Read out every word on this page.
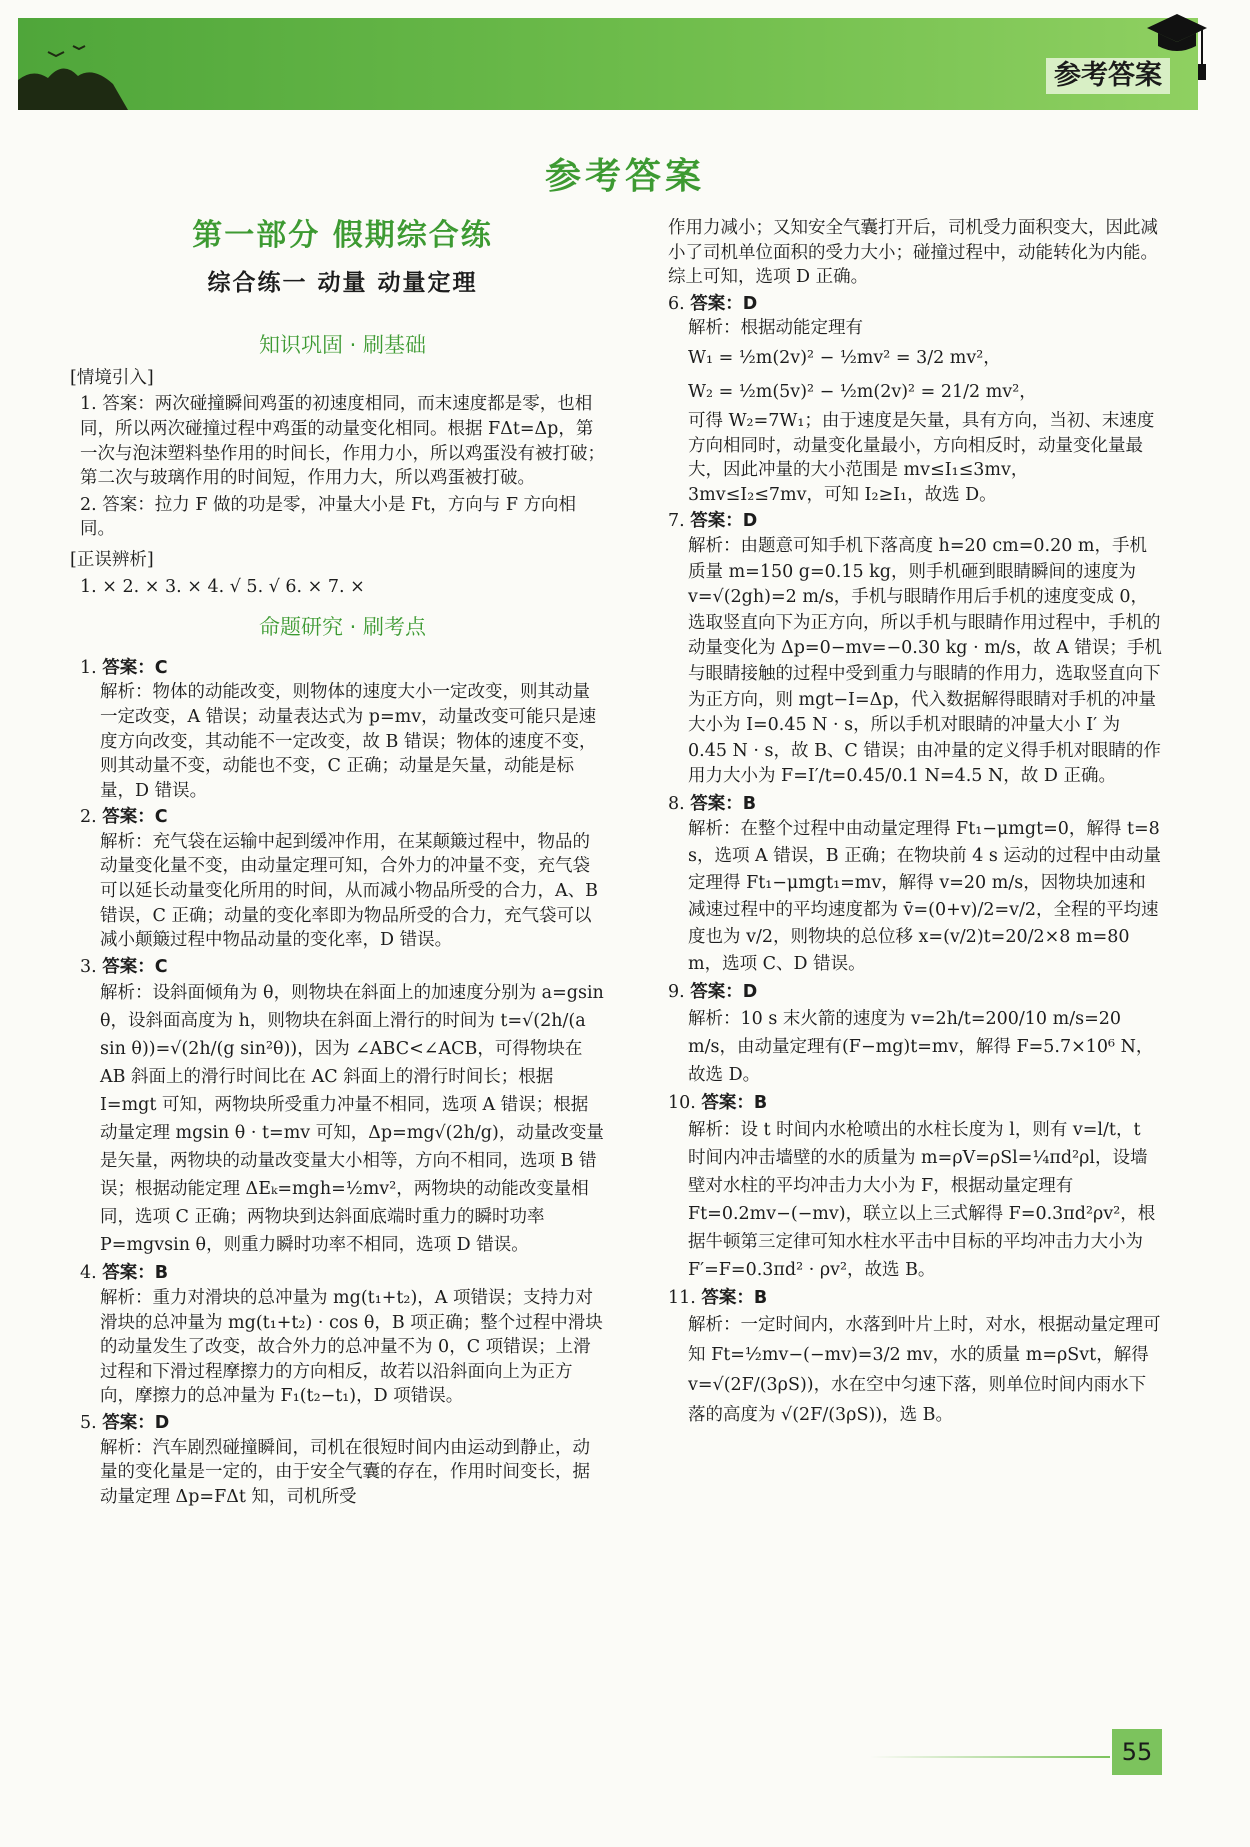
参考答案
参考答案
第一部分 假期综合练
综合练一 动量 动量定理
知识巩固 · 刷基础
[情境引入]
1. 答案：两次碰撞瞬间鸡蛋的初速度相同，而末速度都是零，也相同，所以两次碰撞过程中鸡蛋的动量变化相同。根据 FΔt=Δp，第一次与泡沫塑料垫作用的时间长，作用力小，所以鸡蛋没有被打破；第二次与玻璃作用的时间短，作用力大，所以鸡蛋被打破。
2. 答案：拉力 F 做的功是零，冲量大小是 Ft，方向与 F 方向相同。
[正误辨析]
1. × 2. × 3. × 4. √ 5. √ 6. × 7. ×
命题研究 · 刷考点
1. 答案：C
解析：物体的动能改变，则物体的速度大小一定改变，则其动量一定改变，A 错误；动量表达式为 p=mv，动量改变可能只是速度方向改变，其动能不一定改变，故 B 错误；物体的速度不变，则其动量不变，动能也不变，C 正确；动量是矢量，动能是标量，D 错误。
2. 答案：C
解析：充气袋在运输中起到缓冲作用，在某颠簸过程中，物品的动量变化量不变，由动量定理可知，合外力的冲量不变，充气袋可以延长动量变化所用的时间，从而减小物品所受的合力，A、B 错误，C 正确；动量的变化率即为物品所受的合力，充气袋可以减小颠簸过程中物品动量的变化率，D 错误。
3. 答案：C
解析：设斜面倾角为 θ，则物块在斜面上的加速度分别为 a=gsin θ，设斜面高度为 h，则物块在斜面上滑行的时间为 t=√(2h/(a sin θ))=√(2h/(g sin²θ))，因为 ∠ABC<∠ACB，可得物块在 AB 斜面上的滑行时间比在 AC 斜面上的滑行时间长；根据 I=mgt 可知，两物块所受重力冲量不相同，选项 A 错误；根据动量定理 mgsin θ · t=mv 可知，Δp=mg√(2h/g)，动量改变量是矢量，两物块的动量改变量大小相等，方向不相同，选项 B 错误；根据动能定理 ΔEₖ=mgh=½mv²，两物块的动能改变量相同，选项 C 正确；两物块到达斜面底端时重力的瞬时功率 P=mgvsin θ，则重力瞬时功率不相同，选项 D 错误。
4. 答案：B
解析：重力对滑块的总冲量为 mg(t₁+t₂)，A 项错误；支持力对滑块的总冲量为 mg(t₁+t₂) · cos θ，B 项正确；整个过程中滑块的动量发生了改变，故合外力的总冲量不为 0，C 项错误；上滑过程和下滑过程摩擦力的方向相反，故若以沿斜面向上为正方向，摩擦力的总冲量为 F₁(t₂−t₁)，D 项错误。
5. 答案：D
解析：汽车剧烈碰撞瞬间，司机在很短时间内由运动到静止，动量的变化量是一定的，由于安全气囊的存在，作用时间变长，据动量定理 Δp=FΔt 知，司机所受
作用力减小；又知安全气囊打开后，司机受力面积变大，因此减小了司机单位面积的受力大小；碰撞过程中，动能转化为内能。综上可知，选项 D 正确。
6. 答案：D
解析：根据动能定理有
W₁ = ½m(2v)² − ½mv² = 3/2 mv²，
W₂ = ½m(5v)² − ½m(2v)² = 21/2 mv²，
可得 W₂=7W₁；由于速度是矢量，具有方向，当初、末速度方向相同时，动量变化量最小，方向相反时，动量变化量最大，因此冲量的大小范围是 mv≤I₁≤3mv，3mv≤I₂≤7mv，可知 I₂≥I₁，故选 D。
7. 答案：D
解析：由题意可知手机下落高度 h=20 cm=0.20 m，手机质量 m=150 g=0.15 kg，则手机砸到眼睛瞬间的速度为 v=√(2gh)=2 m/s，手机与眼睛作用后手机的速度变成 0，选取竖直向下为正方向，所以手机与眼睛作用过程中，手机的动量变化为 Δp=0−mv=−0.30 kg · m/s，故 A 错误；手机与眼睛接触的过程中受到重力与眼睛的作用力，选取竖直向下为正方向，则 mgt−I=Δp，代入数据解得眼睛对手机的冲量大小为 I=0.45 N · s，所以手机对眼睛的冲量大小 I′ 为 0.45 N · s，故 B、C 错误；由冲量的定义得手机对眼睛的作用力大小为 F=I′/t=0.45/0.1 N=4.5 N，故 D 正确。
8. 答案：B
解析：在整个过程中由动量定理得 Ft₁−μmgt=0，解得 t=8 s，选项 A 错误，B 正确；在物块前 4 s 运动的过程中由动量定理得 Ft₁−μmgt₁=mv，解得 v=20 m/s，因物块加速和减速过程中的平均速度都为 v̄=(0+v)/2=v/2，全程的平均速度也为 v/2，则物块的总位移 x=(v/2)t=20/2×8 m=80 m，选项 C、D 错误。
9. 答案：D
解析：10 s 末火箭的速度为 v=2h/t=200/10 m/s=20 m/s，由动量定理有(F−mg)t=mv，解得 F=5.7×10⁶ N，故选 D。
10. 答案：B
解析：设 t 时间内水枪喷出的水柱长度为 l，则有 v=l/t，t 时间内冲击墙壁的水的质量为 m=ρV=ρSl=¼πd²ρl，设墙壁对水柱的平均冲击力大小为 F，根据动量定理有 Ft=0.2mv−(−mv)，联立以上三式解得 F=0.3πd²ρv²，根据牛顿第三定律可知水柱水平击中目标的平均冲击力大小为 F′=F=0.3πd² · ρv²，故选 B。
11. 答案：B
解析：一定时间内，水落到叶片上时，对水，根据动量定理可知 Ft=½mv−(−mv)=3/2 mv，水的质量 m=ρSvt，解得 v=√(2F/(3ρS))，水在空中匀速下落，则单位时间内雨水下落的高度为 √(2F/(3ρS))，选 B。
55
